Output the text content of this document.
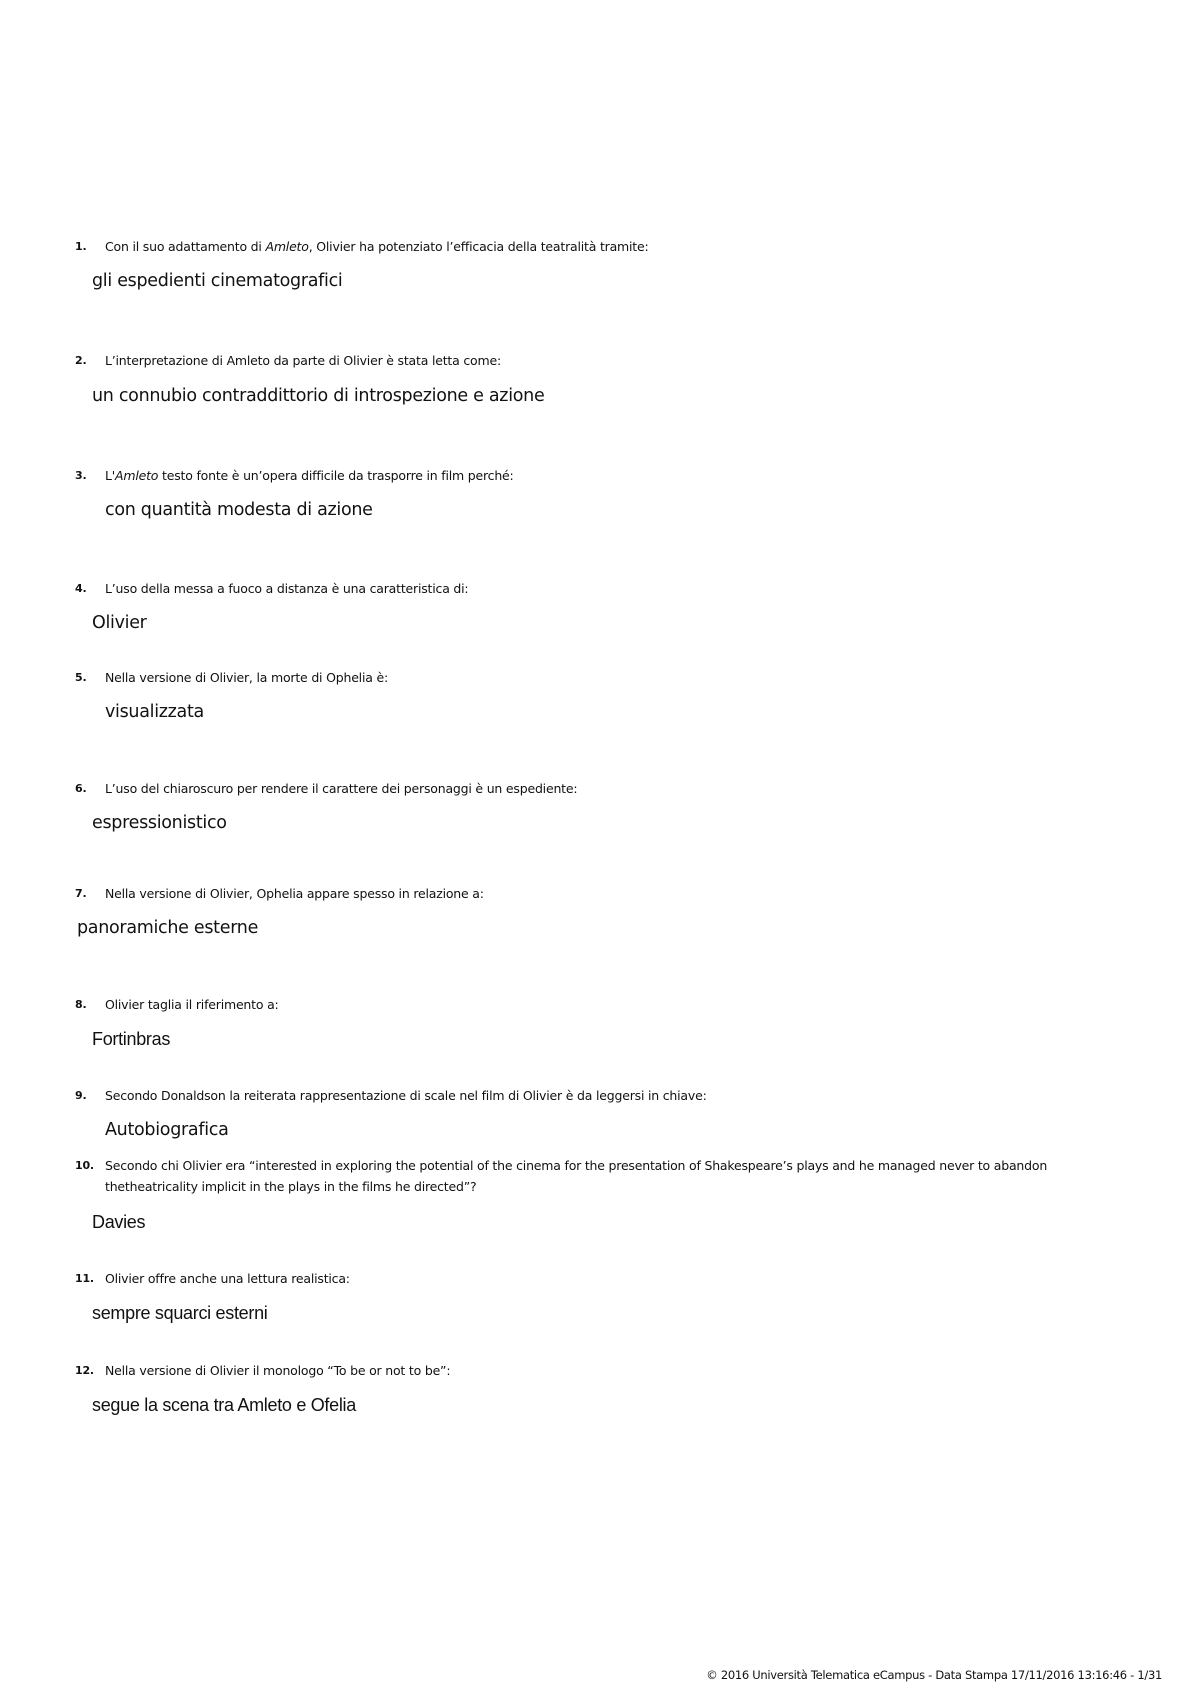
1.	Con il suo adattamento di Amleto, Olivier ha potenziato l’efficacia della teatralità tramite:
gli espedienti cinematografici
2.	L’interpretazione di Amleto da parte di Olivier è stata letta come:
un connubio contraddittorio di introspezione e azione
3.	L'Amleto testo fonte è un’opera difficile da trasporre in film perché:
con quantità modesta di azione
4.	L’uso della messa a fuoco a distanza è una caratteristica di:
Olivier
5.	Nella versione di Olivier, la morte di Ophelia è:
visualizzata
6.	L’uso del chiaroscuro per rendere il carattere dei personaggi è un espediente:
espressionistico
7.	Nella versione di Olivier, Ophelia appare spesso in relazione a:
panoramiche esterne
8.	Olivier taglia il riferimento a:
Fortinbras
9.	Secondo Donaldson la reiterata rappresentazione di scale nel film di Olivier è da leggersi in chiave:
Autobiografica
10. Secondo chi Olivier era “interested in exploring the potential of the cinema for the presentation of Shakespeare’s plays and he managed never to abandon
thetheatricality implicit in the plays in the films he directed”?
Davies
11. Olivier offre anche una lettura realistica:
sempre squarci esterni
12. Nella versione di Olivier il monologo “To be or not to be”:
segue la scena tra Amleto e Ofelia
© 2016 Università Telematica eCampus - Data Stampa 17/11/2016 13:16:46 - 1/31
